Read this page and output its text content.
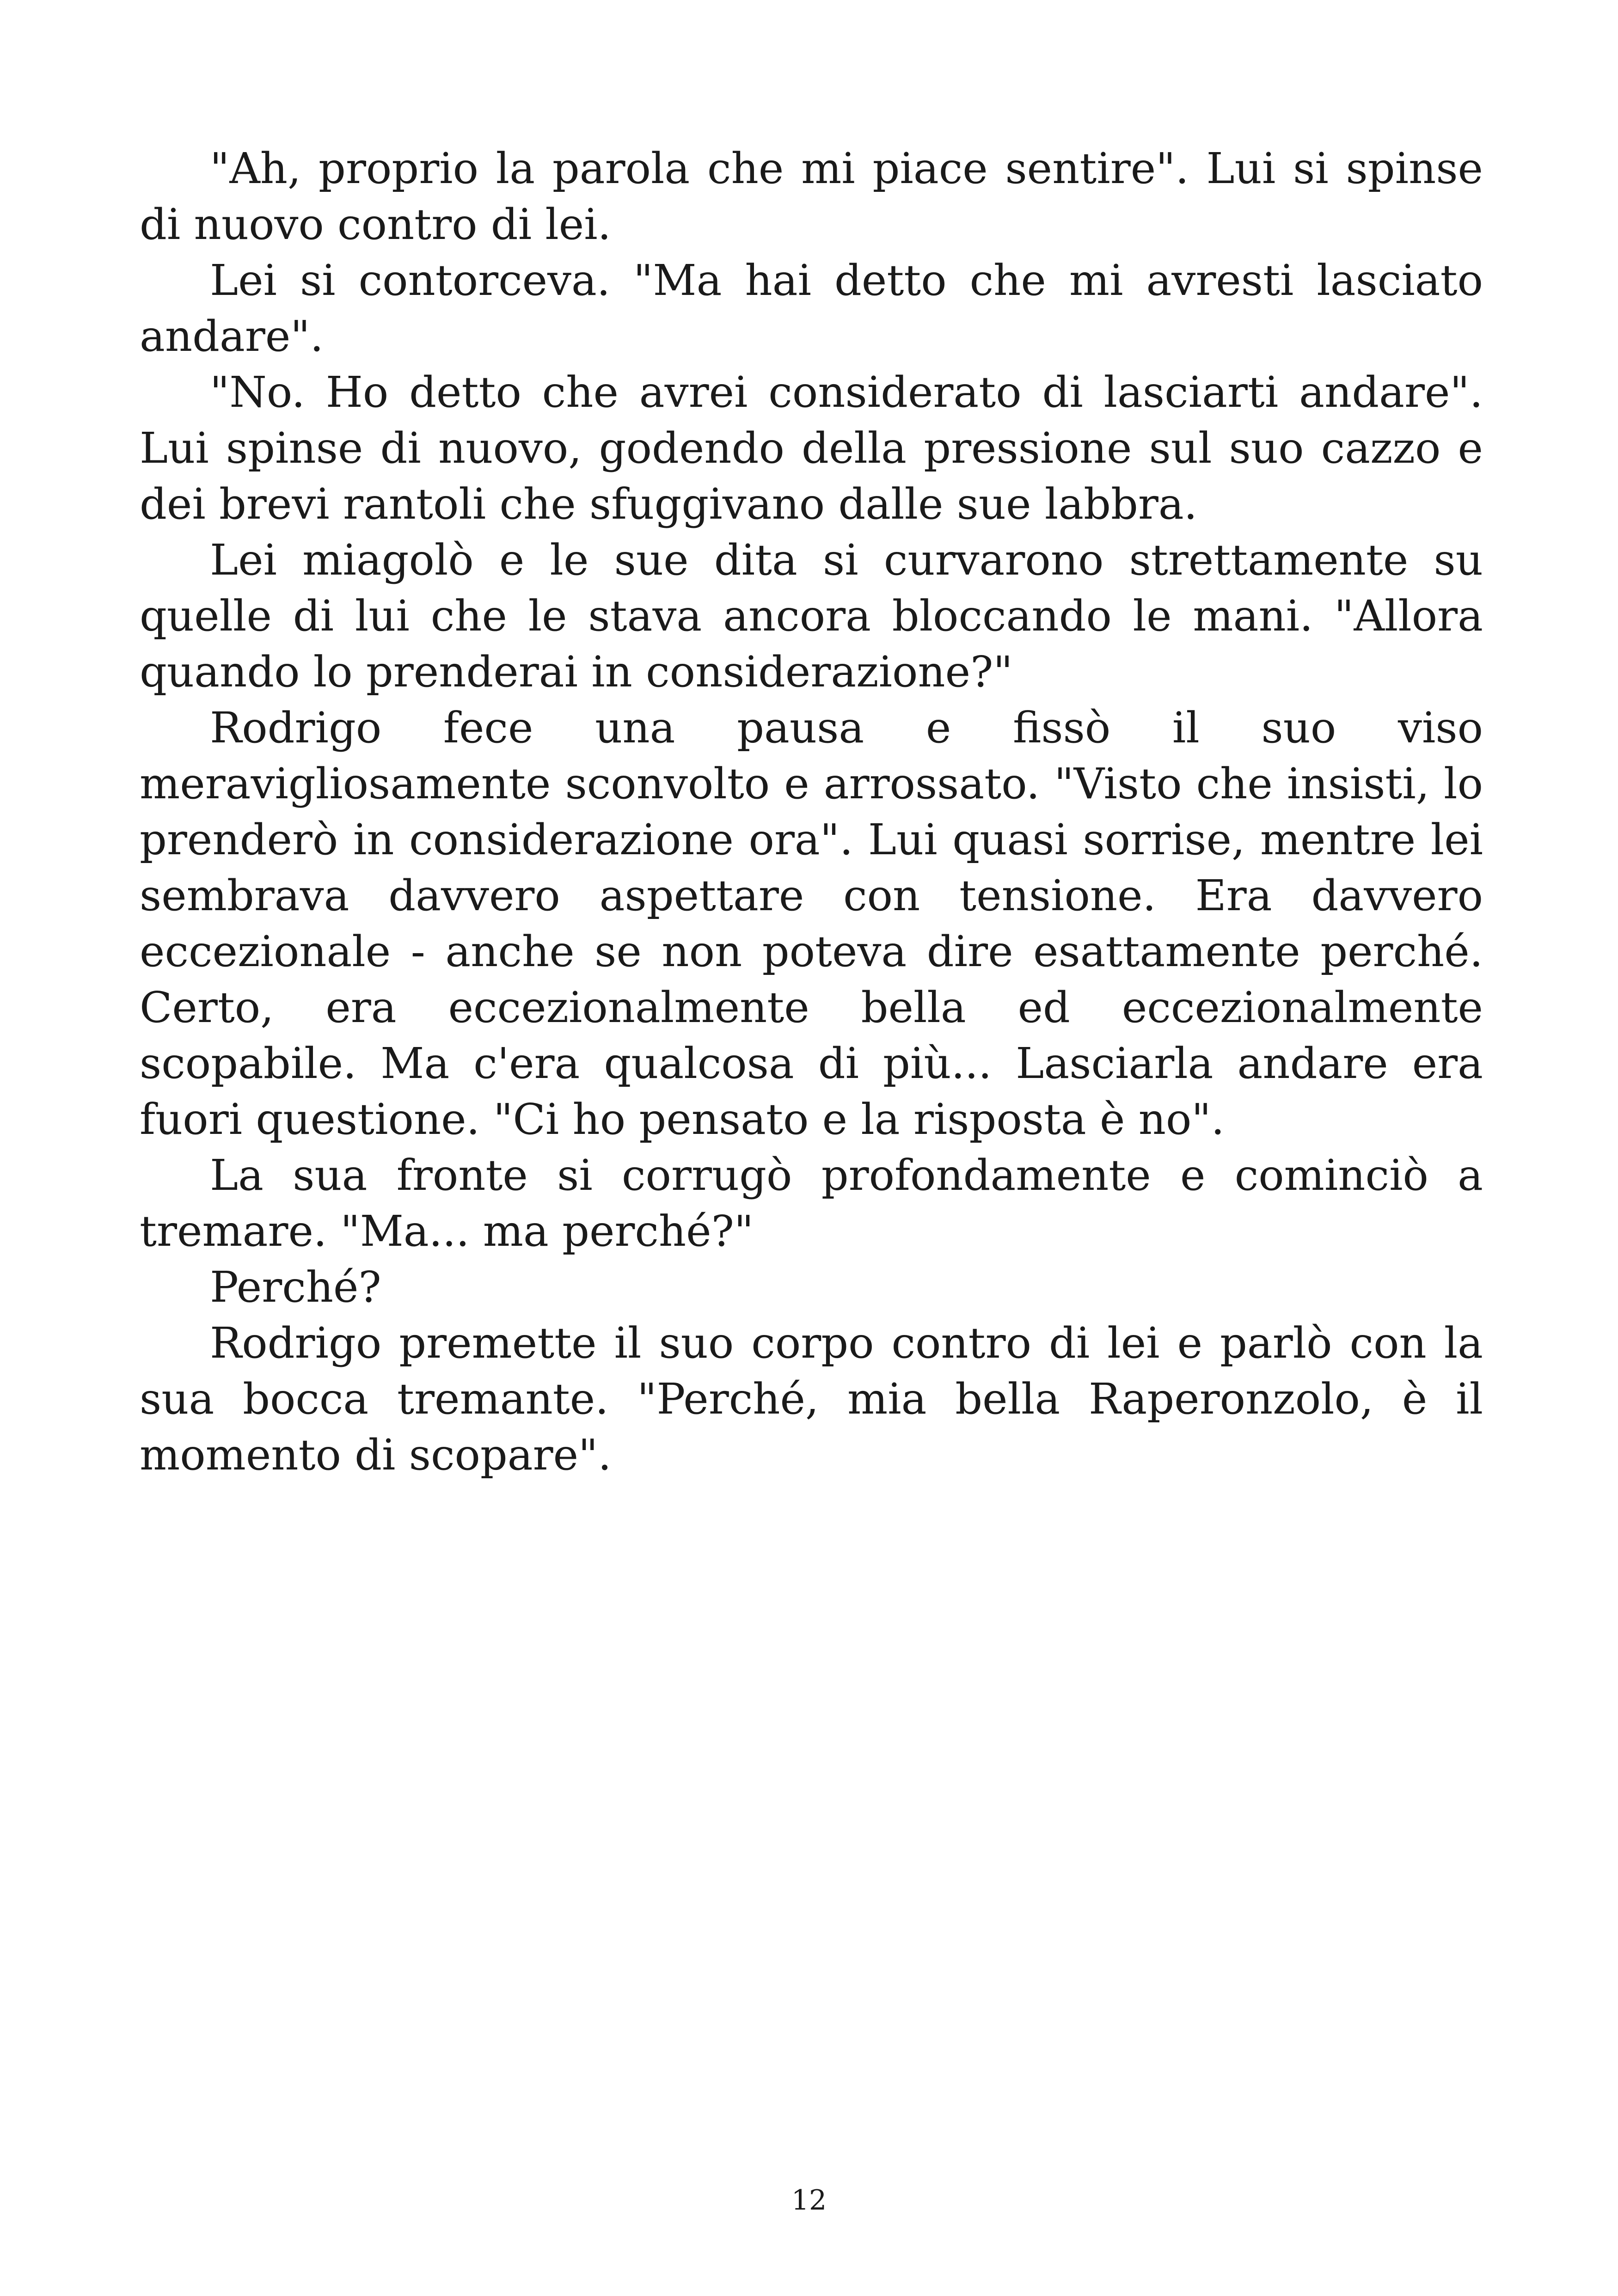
"Ah, proprio la parola che mi piace sentire". Lui si spinse di nuovo contro di lei.

Lei si contorceva. "Ma hai detto che mi avresti lasciato andare".

"No. Ho detto che avrei considerato di lasciarti andare". Lui spinse di nuovo, godendo della pressione sul suo cazzo e dei brevi rantoli che sfuggivano dalle sue labbra.

Lei miagolò e le sue dita si curvarono strettamente su quelle di lui che le stava ancora bloccando le mani. "Allora quando lo prenderai in considerazione?"

Rodrigo fece una pausa e fissò il suo viso meravigliosamente sconvolto e arrossato. "Visto che insisti, lo prenderò in considerazione ora". Lui quasi sorrise, mentre lei sembrava davvero aspettare con tensione. Era davvero eccezionale - anche se non poteva dire esattamente perché. Certo, era eccezionalmente bella ed eccezionalmente scopabile. Ma c'era qualcosa di più... Lasciarla andare era fuori questione. "Ci ho pensato e la risposta è no".

La sua fronte si corrugò profondamente e cominciò a tremare. "Ma... ma perché?"

Perché?

Rodrigo premette il suo corpo contro di lei e parlò con la sua bocca tremante. "Perché, mia bella Raperonzolo, è il momento di scopare".

12
